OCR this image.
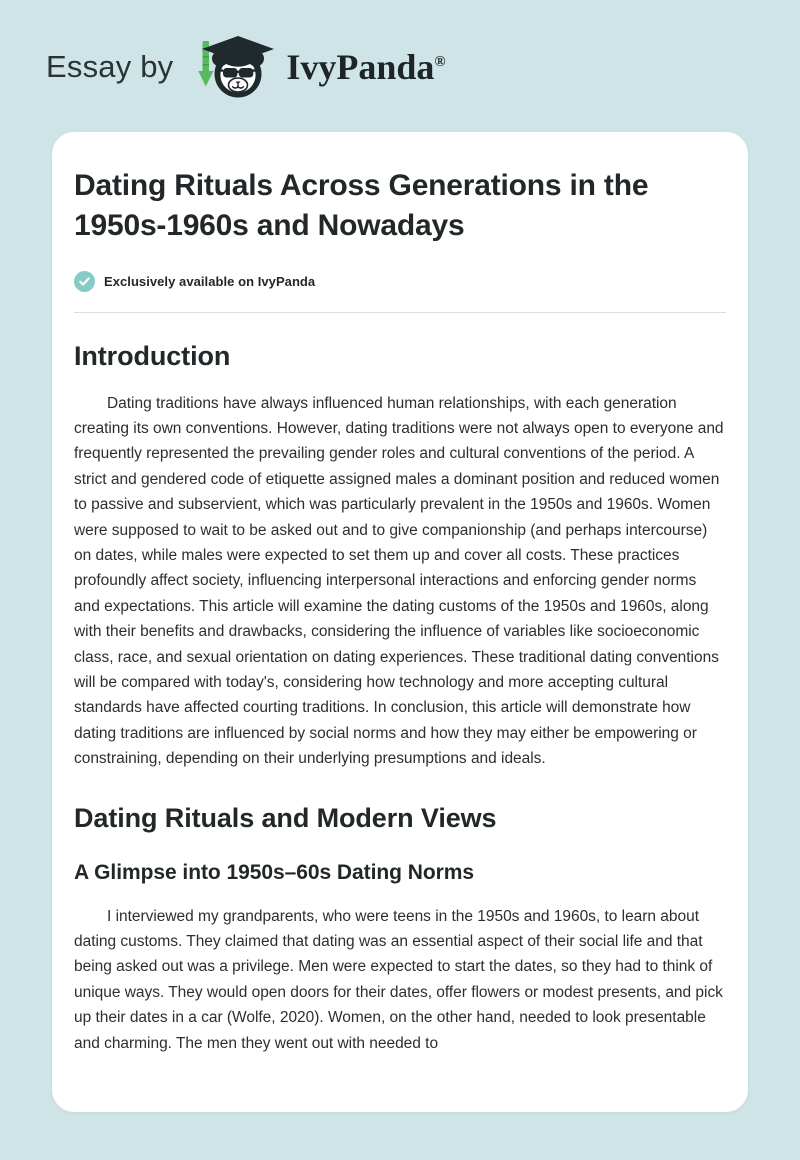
Essay by	IvyPanda®
Dating Rituals Across Generations in the 1950s-1960s and Nowadays
Exclusively available on IvyPanda
Introduction

Dating traditions have always influenced human relationships, with each generation creating its own conventions. However, dating traditions were not always open to everyone and frequently represented the prevailing gender roles and cultural conventions of the period. A strict and gendered code of etiquette assigned males a dominant position and reduced women to passive and subservient, which was particularly prevalent in the 1950s and 1960s. Women were supposed to wait to be asked out and to give companionship (and perhaps intercourse) on dates, while males were expected to set them up and cover all costs. These practices profoundly affect society, influencing interpersonal interactions and enforcing gender norms and expectations. This article will examine the dating customs of the 1950s and 1960s, along with their benefits and drawbacks, considering the influence of variables like socioeconomic class, race, and sexual orientation on dating experiences. These traditional dating conventions will be compared with today's, considering how technology and more accepting cultural standards have affected courting traditions. In conclusion, this article will demonstrate how dating traditions are influenced by social norms and how they may either be empowering or constraining, depending on their underlying presumptions and ideals.

Dating Rituals and Modern Views
A Glimpse into 1950s–60s Dating Norms

I interviewed my grandparents, who were teens in the 1950s and 1960s, to learn about dating customs. They claimed that dating was an essential aspect of their social life and that being asked out was a privilege. Men were expected to start the dates, so they had to think of unique ways. They would open doors for their dates, offer flowers or modest presents, and pick up their dates in a car (Wolfe, 2020). Women, on the other hand, needed to look presentable and charming. The men they went out with needed to
